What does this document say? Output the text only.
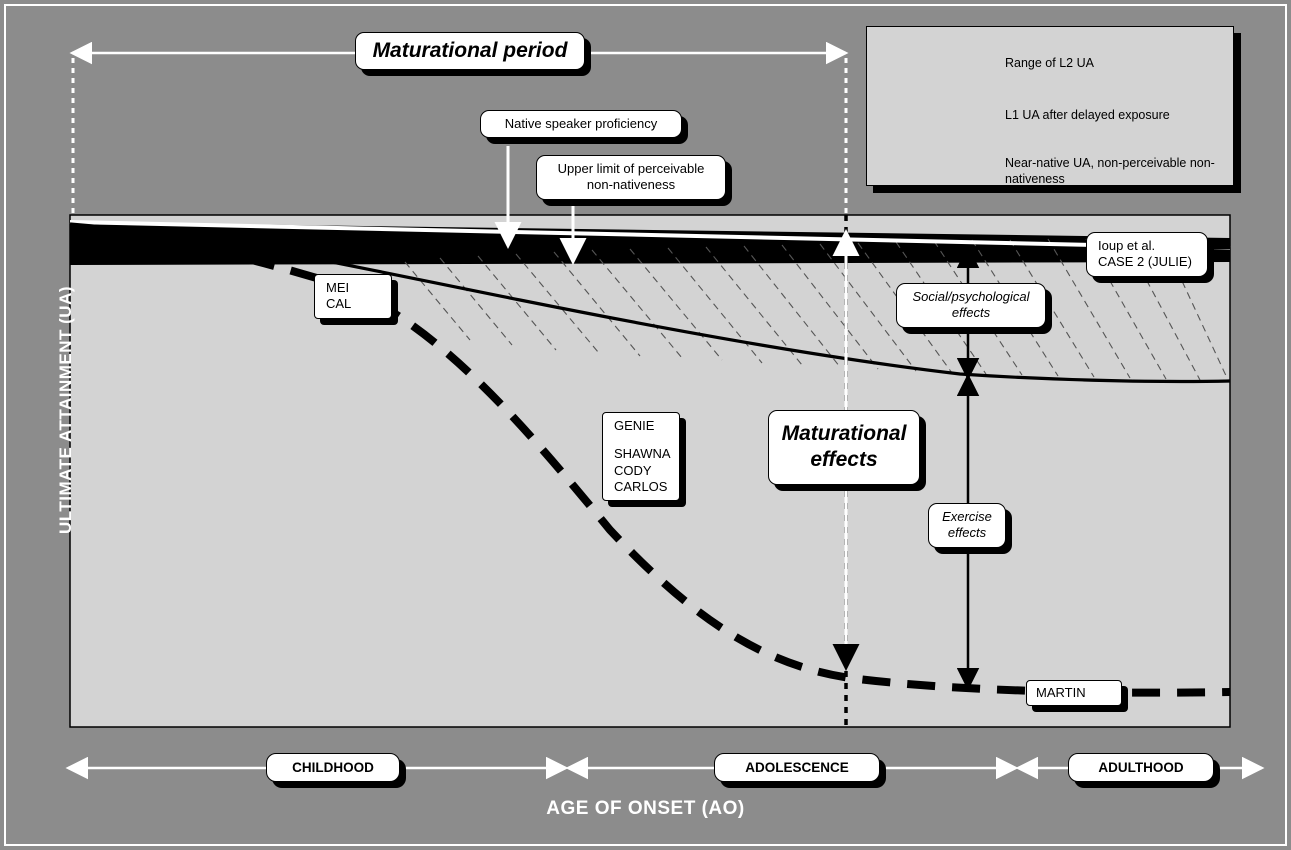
Range of L2 UA
L1 UA after delayed exposure
Near-native UA, non-perceivable non-nativeness
Maturational period
Native speaker proficiency
Upper limit of perceivable non-nativeness
MEI
CAL
GENIE
SHAWNA
CODY
CARLOS
Maturational effects
Social/psychological effects
Exercise effects
Ioup et al.
CASE 2 (JULIE)
MARTIN
CHILDHOOD	ADOLESCENCE	ADULTHOOD
ULTIMATE ATTAINMENT (UA)
AGE OF ONSET (AO)
